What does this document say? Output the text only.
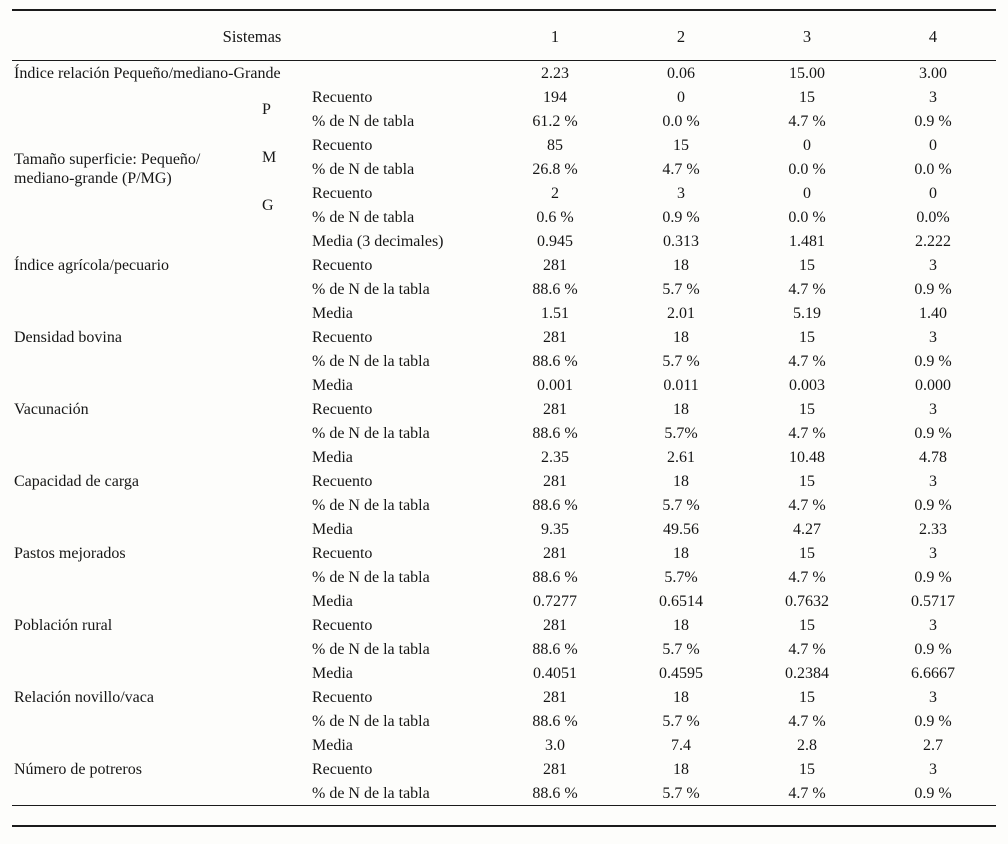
Sistemas			1	2	3	4
Índice relación Pequeño/mediano-Grande			2.23	0.06	15.00	3.00
Tamaño superficie: Pequeño/
mediano-grande (P/MG)	P	Recuento	194	0	15	3
		% de N de tabla	61.2 %	0.0 %	4.7 %	0.9 %
	M	Recuento	85	15	0	0
		% de N de tabla	26.8 %	4.7 %	0.0 %	0.0 %
	G	Recuento	2	3	0	0
		% de N de tabla	0.6 %	0.9 %	0.0 %	0.0%
		Media (3 decimales)	0.945	0.313	1.481	2.222
Índice agrícola/pecuario		Recuento	281	18	15	3
		% de N de la tabla	88.6 %	5.7 %	4.7 %	0.9 %
		Media	1.51	2.01	5.19	1.40
Densidad bovina		Recuento	281	18	15	3
		% de N de la tabla	88.6 %	5.7 %	4.7 %	0.9 %
		Media	0.001	0.011	0.003	0.000
Vacunación		Recuento	281	18	15	3
		% de N de la tabla	88.6 %	5.7%	4.7 %	0.9 %
		Media	2.35	2.61	10.48	4.78
Capacidad de carga		Recuento	281	18	15	3
		% de N de la tabla	88.6 %	5.7 %	4.7 %	0.9 %
		Media	9.35	49.56	4.27	2.33
Pastos mejorados		Recuento	281	18	15	3
		% de N de la tabla	88.6 %	5.7%	4.7 %	0.9 %
		Media	0.7277	0.6514	0.7632	0.5717
Población rural		Recuento	281	18	15	3
		% de N de la tabla	88.6 %	5.7 %	4.7 %	0.9 %
		Media	0.4051	0.4595	0.2384	6.6667
Relación novillo/vaca		Recuento	281	18	15	3
		% de N de la tabla	88.6 %	5.7 %	4.7 %	0.9 %
		Media	3.0	7.4	2.8	2.7
Número de potreros		Recuento	281	18	15	3
		% de N de la tabla	88.6 %	5.7 %	4.7 %	0.9 %
